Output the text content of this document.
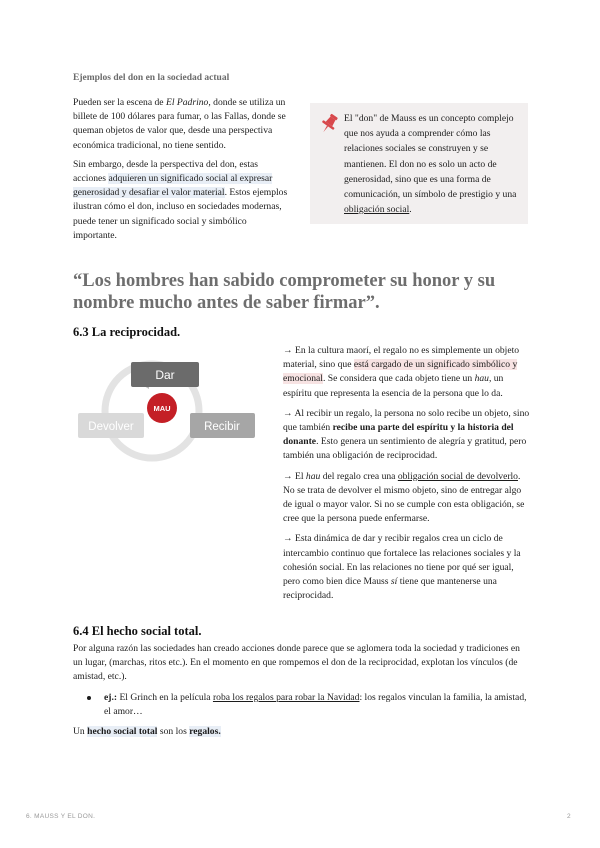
Ejemplos del don en la sociedad actual

Pueden ser la escena de El Padrino, donde se utiliza un billete de 100 dólares para fumar, o las Fallas, donde se queman objetos de valor que, desde una perspectiva económica tradicional, no tiene sentido.

Sin embargo, desde la perspectiva del don, estas acciones adquieren un significado social al expresar generosidad y desafiar el valor material. Estos ejemplos ilustran cómo el don, incluso en sociedades modernas, puede tener un significado social y simbólico importante.

El "don" de Mauss es un concepto complejo que nos ayuda a comprender cómo las relaciones sociales se construyen y se mantienen. El don no es solo un acto de generosidad, sino que es una forma de comunicación, un símbolo de prestigio y una obligación social.

“Los hombres han sabido comprometer su honor y su nombre mucho antes de saber firmar”.
6.3 La reciprocidad.
Dar
Devolver	Recibir
MAU

→ En la cultura maorí, el regalo no es simplemente un objeto material, sino que está cargado de un significado simbólico y emocional. Se considera que cada objeto tiene un hau, un espíritu que representa la esencia de la persona que lo da.

→ Al recibir un regalo, la persona no solo recibe un objeto, sino que también recibe una parte del espíritu y la historia del donante. Esto genera un sentimiento de alegría y gratitud, pero también una obligación de reciprocidad.

→ El hau del regalo crea una obligación social de devolverlo. No se trata de devolver el mismo objeto, sino de entregar algo de igual o mayor valor. Si no se cumple con esta obligación, se cree que la persona puede enfermarse.

→ Esta dinámica de dar y recibir regalos crea un ciclo de intercambio continuo que fortalece las relaciones sociales y la cohesión social. En las relaciones no tiene por qué ser igual, pero como bien dice Mauss sí tiene que mantenerse una reciprocidad.

6.4 El hecho social total.

Por alguna razón las sociedades han creado acciones donde parece que se aglomera toda la sociedad y tradiciones en un lugar, (marchas, ritos etc.). En el momento en que rompemos el don de la reciprocidad, explotan los vínculos (de amistad, etc.).

ej.: El Grinch en la película roba los regalos para robar la Navidad: los regalos vinculan la familia, la amistad, el amor…

Un hecho social total son los regalos.

6. MAUSS Y EL DON.	2
